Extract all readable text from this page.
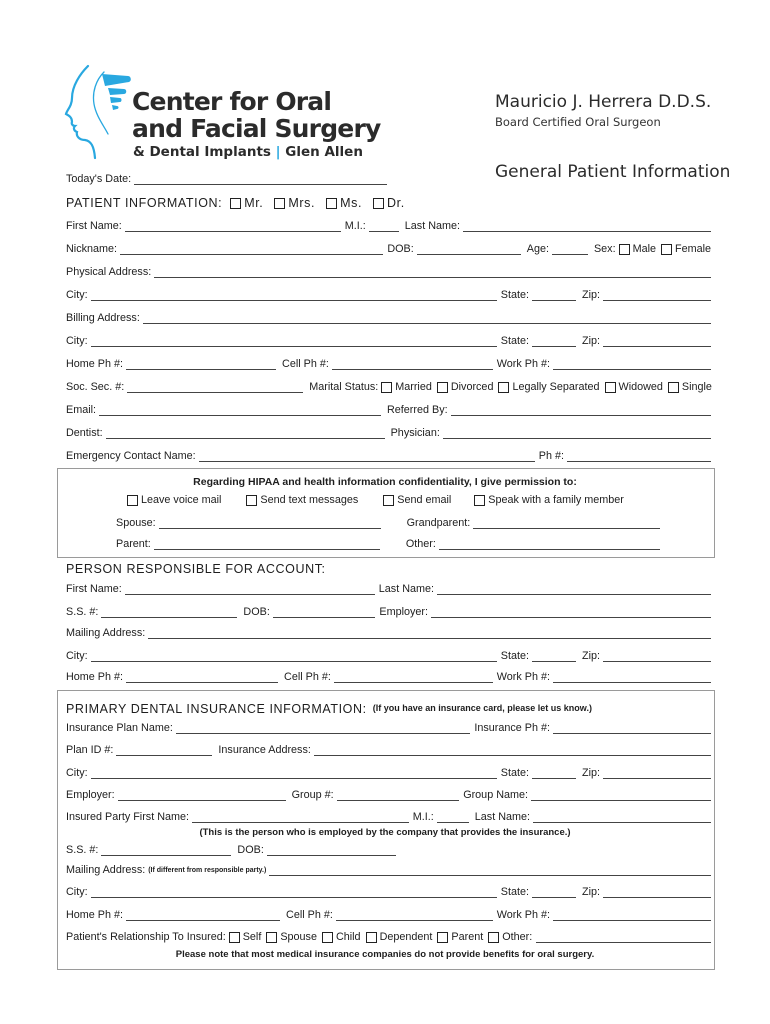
Center for Oral
and Facial Surgery
& Dental Implants | Glen Allen
Mauricio J. Herrera D.D.S.
Board Certified Oral Surgeon
General Patient Information
Today's Date:
PATIENT INFORMATION: Mr. Mrs. Ms. Dr.
First Name:	M.I.:	Last Name:
Nickname:	DOB:	Age:	Sex: Male Female
Physical Address:
City:	State:	Zip:
Billing Address:
City:	State:	Zip:
Home Ph #:	Cell Ph #:	Work Ph #:
Soc. Sec. #:	Marital Status: Married Divorced Legally Separated Widowed Single
Email:	Referred By:
Dentist:	Physician:
Emergency Contact Name:	Ph #:
Regarding HIPAA and health information confidentiality, I give permission to:
Leave voice mail	Send text messages	Send email	Speak with a family member
Spouse:	Grandparent:
Parent:	Other:
PERSON RESPONSIBLE FOR ACCOUNT:
First Name:	Last Name:
S.S. #:	DOB:	Employer:
Mailing Address:
City:	State:	Zip:
Home Ph #:	Cell Ph #:	Work Ph #:
PRIMARY DENTAL INSURANCE INFORMATION: (If you have an insurance card, please let us know.)
Insurance Plan Name:	Insurance Ph #:
Plan ID #:	Insurance Address:
City:	State:	Zip:
Employer:	Group #:	Group Name:
Insured Party First Name:	M.I.:	Last Name:
(This is the person who is employed by the company that provides the insurance.)
S.S. #:	DOB:
Mailing Address: (If different from responsible party.)
City:	State:	Zip:
Home Ph #:	Cell Ph #:	Work Ph #:
Patient's Relationship To Insured: Self Spouse Child Dependent Parent Other:
Please note that most medical insurance companies do not provide benefits for oral surgery.
